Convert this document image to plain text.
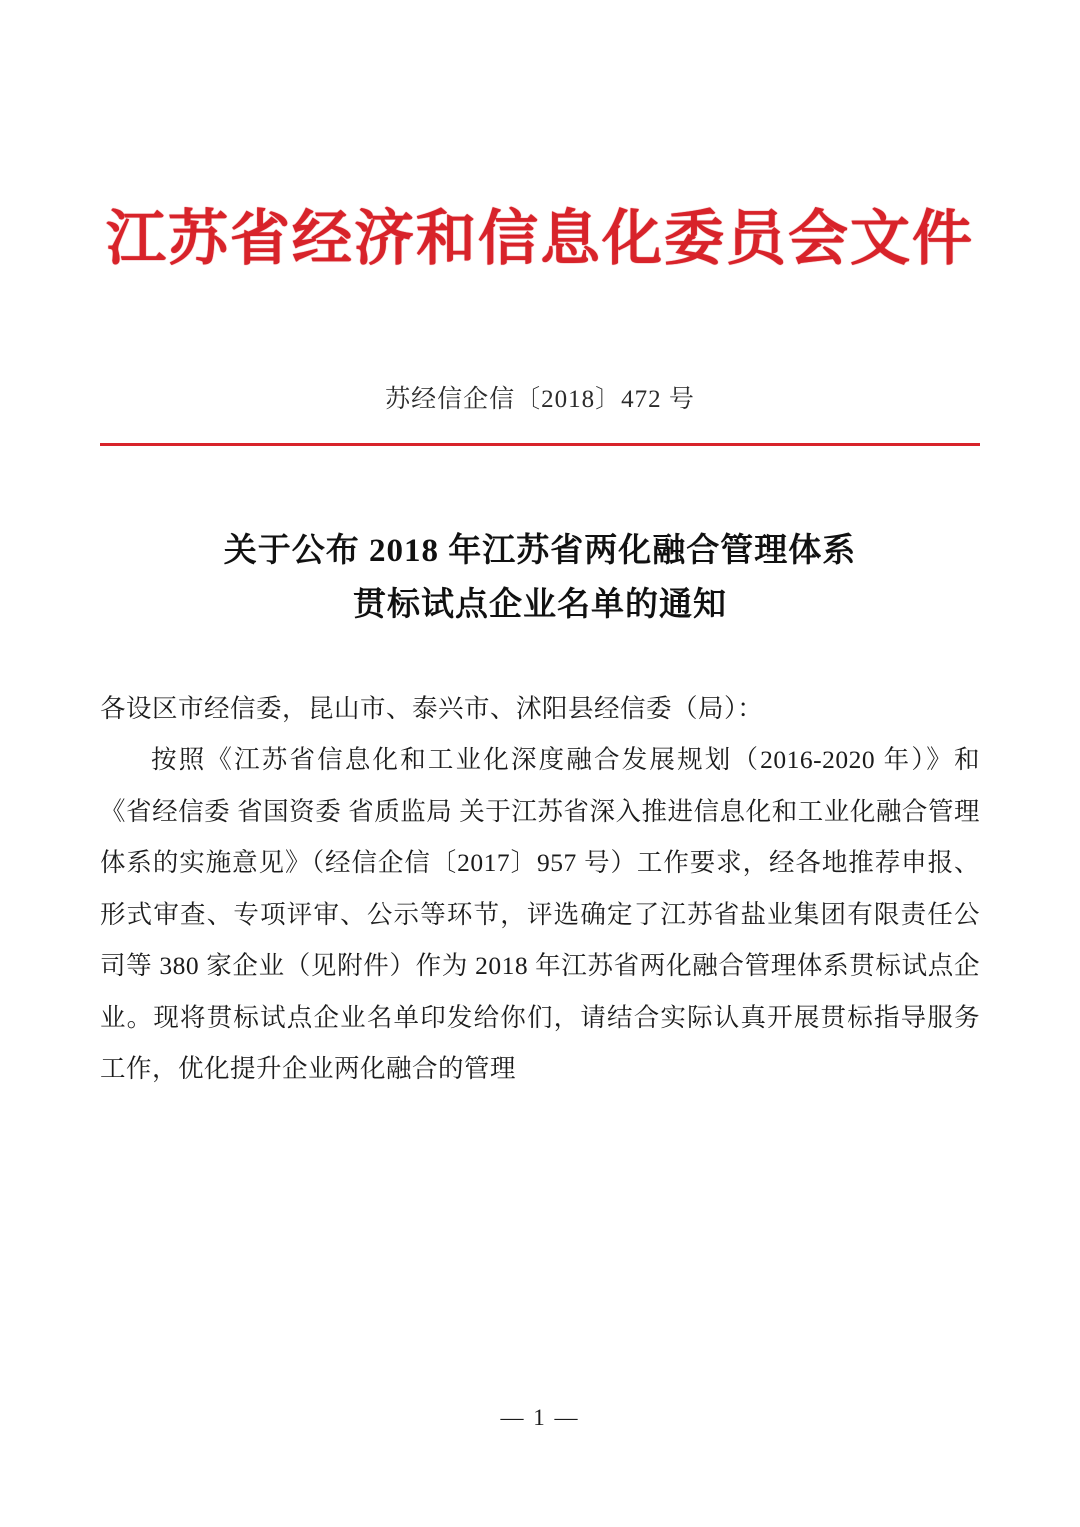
江苏省经济和信息化委员会文件
苏经信企信〔2018〕472 号
关于公布 2018 年江苏省两化融合管理体系
贯标试点企业名单的通知

各设区市经信委，昆山市、泰兴市、沭阳县经信委（局）：

按照《江苏省信息化和工业化深度融合发展规划（2016-2020 年）》和《省经信委 省国资委 省质监局 关于江苏省深入推进信息化和工业化融合管理体系的实施意见》（经信企信〔2017〕957 号）工作要求，经各地推荐申报、形式审查、专项评审、公示等环节，评选确定了江苏省盐业集团有限责任公司等 380 家企业（见附件）作为 2018 年江苏省两化融合管理体系贯标试点企业。现将贯标试点企业名单印发给你们，请结合实际认真开展贯标指导服务工作，优化提升企业两化融合的管理

— 1 —
